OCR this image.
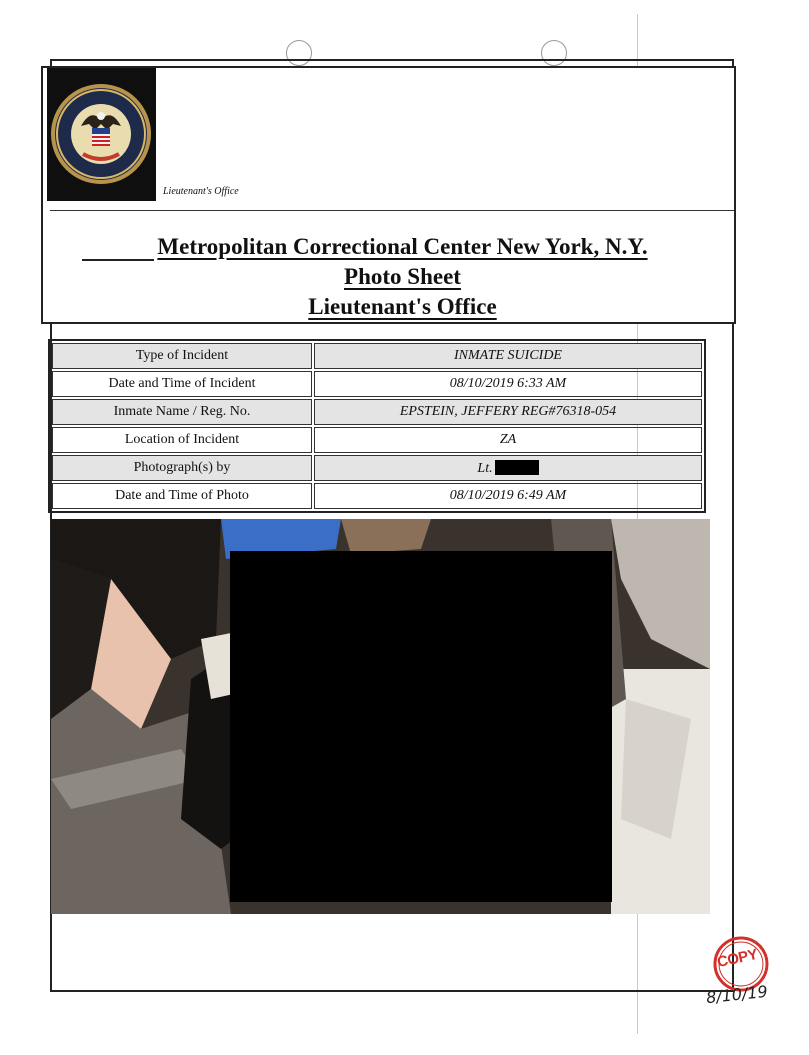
Lieutenant's Office
Metropolitan Correctional Center New York, N.Y.
Photo Sheet
Lieutenant's Office
Type of Incident	INMATE SUICIDE
Date and Time of Incident	08/10/2019 6:33 AM
Inmate Name / Reg. No.	EPSTEIN, JEFFERY REG#76318-054
Location of Incident	ZA
Photograph(s) by	Lt.
Date and Time of Photo	08/10/2019 6:49 AM
COPY
8/10/19
